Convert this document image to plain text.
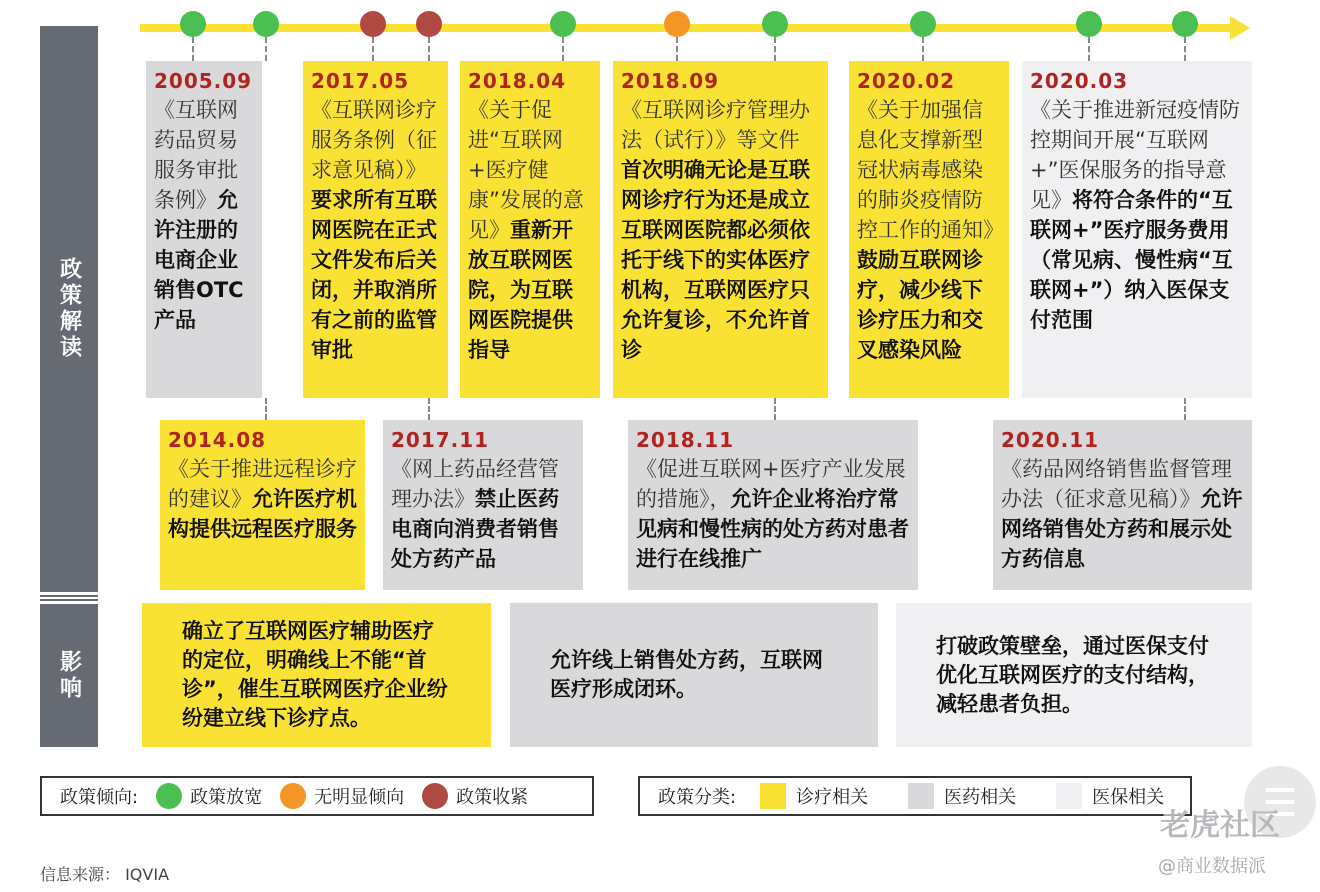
政策解读
影响
2005.09
《互联网药品贸易服务审批条例》允许注册的电商企业销售OTC产品
2017.05
《互联网诊疗服务条例（征求意见稿）》要求所有互联网医院在正式文件发布后关闭，并取消所有之前的监管审批
2018.04
《关于促进“互联网+医疗健康”发展的意见》重新开放互联网医院，为互联网医院提供指导
2018.09
《互联网诊疗管理办法（试行）》等文件首次明确无论是互联网诊疗行为还是成立互联网医院都必须依托于线下的实体医疗机构，互联网医疗只允许复诊，不允许首诊
2020.02
《关于加强信息化支撑新型冠状病毒感染的肺炎疫情防控工作的通知》鼓励互联网诊疗，减少线下诊疗压力和交叉感染风险
2020.03
《关于推进新冠疫情防控期间开展“互联网+”医保服务的指导意见》将符合条件的“互联网+”医疗服务费用（常见病、慢性病“互联网+”）纳入医保支付范围
2014.08
《关于推进远程诊疗的建议》允许医疗机构提供远程医疗服务
2017.11
《网上药品经营管理办法》禁止医药电商向消费者销售处方药产品
2018.11
《促进互联网+医疗产业发展的措施》，允许企业将治疗常见病和慢性病的处方药对患者进行在线推广
2020.11
《药品网络销售监督管理办法（征求意见稿）》允许网络销售处方药和展示处方药信息
确立了互联网医疗辅助医疗的定位，明确线上不能“首诊”，催生互联网医疗企业纷纷建立线下诊疗点。
允许线上销售处方药，互联网医疗形成闭环。
打破政策壁垒，通过医保支付优化互联网医疗的支付结构，减轻患者负担。
政策倾向:	政策放宽	无明显倾向	政策收紧	政策分类:	诊疗相关	医药相关	医保相关
信息来源： IQVIA
老虎社区
@商业数据派
